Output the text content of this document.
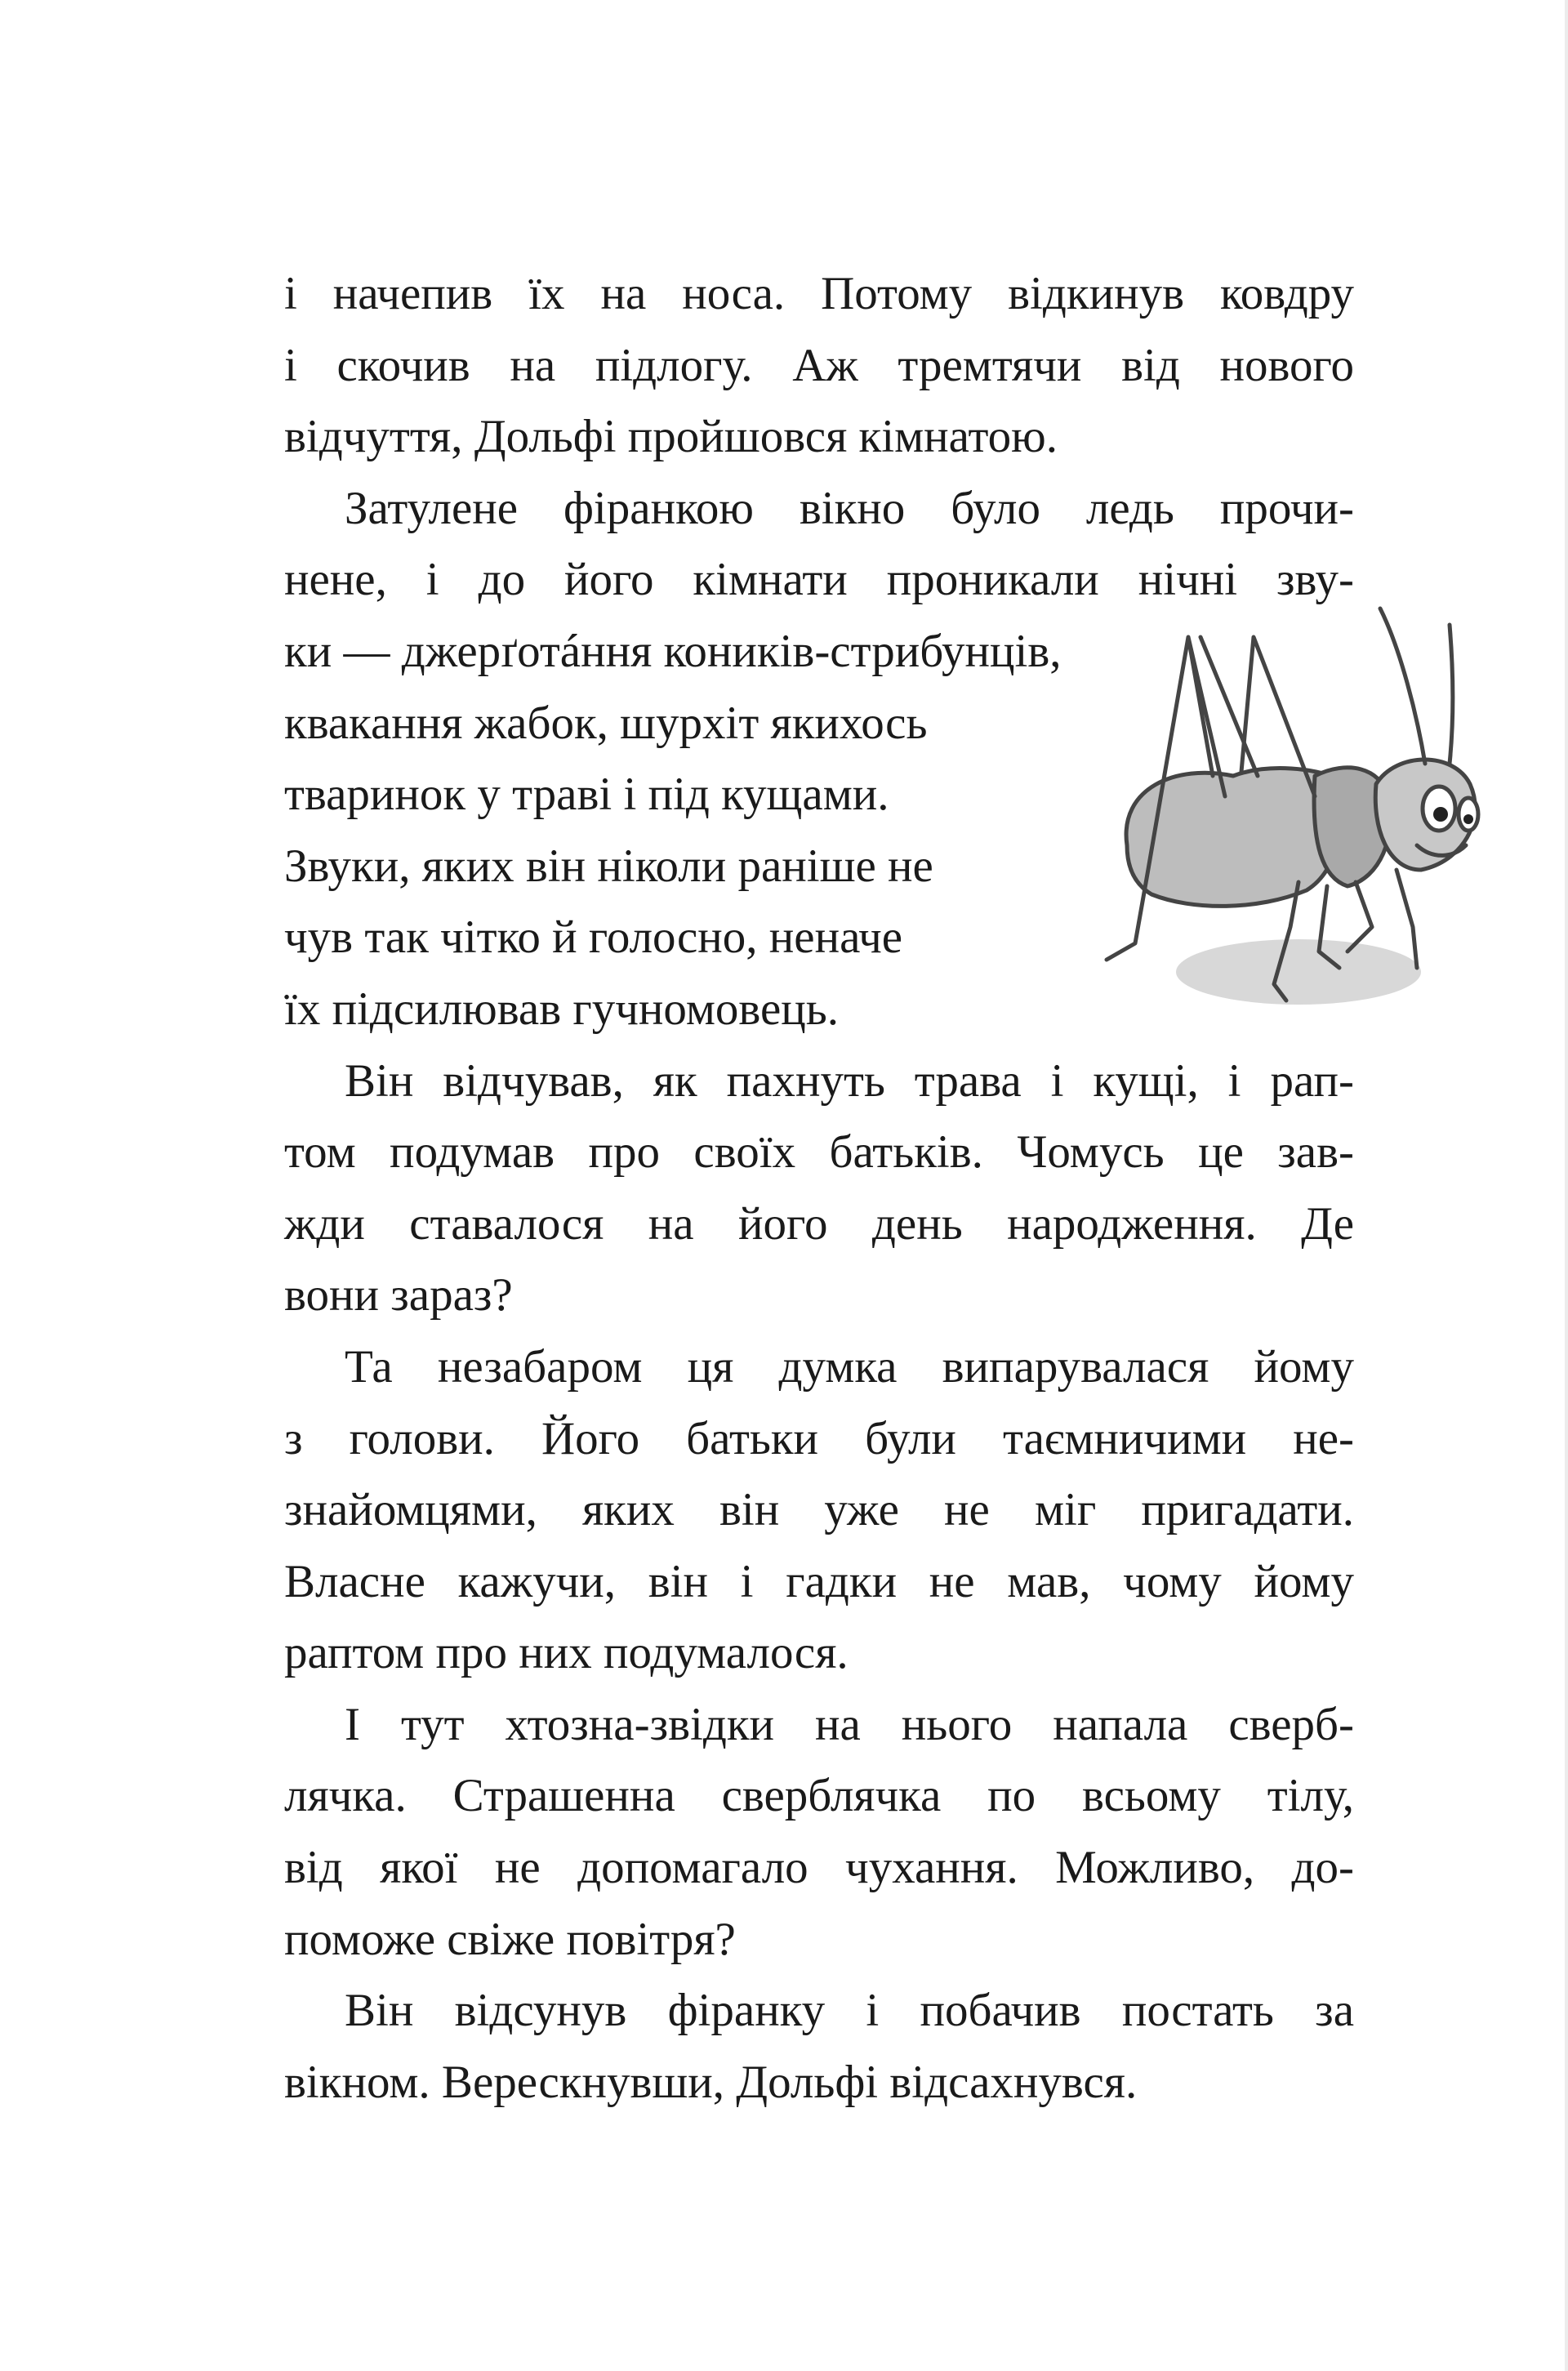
і начепив їх на носа. Потому відкинув ковдру
і скочив на підлогу. Аж тремтячи від нового
відчуття, Дольфі пройшовся кімнатою.
Затулене фіранкою вікно було ледь прочи-
нене, і до його кімнати проникали нічні зву-
ки — джерґотáння коників-стрибунців,
квакання жабок, шурхіт якихось
тваринок у траві і під кущами.
Звуки, яких він ніколи раніше не
чув так чітко й голосно, неначе
їх підсилював гучномовець.
Він відчував, як пахнуть трава і кущі, і рап-
том подумав про своїх батьків. Чомусь це зав-
жди ставалося на його день народження. Де
вони зараз?
Та незабаром ця думка випарувалася йому
з голови. Його батьки були таємничими не-
знайомцями, яких він уже не міг пригадати.
Власне кажучи, він і гадки не мав, чому йому
раптом про них подумалося.
І тут хтозна-звідки на нього напала сверб-
лячка. Страшенна сверблячка по всьому тілу,
від якої не допомагало чухання. Можливо, до-
поможе свіже повітря?
Він відсунув фіранку і побачив постать за
вікном. Верескнувши, Дольфі відсахнувся.
